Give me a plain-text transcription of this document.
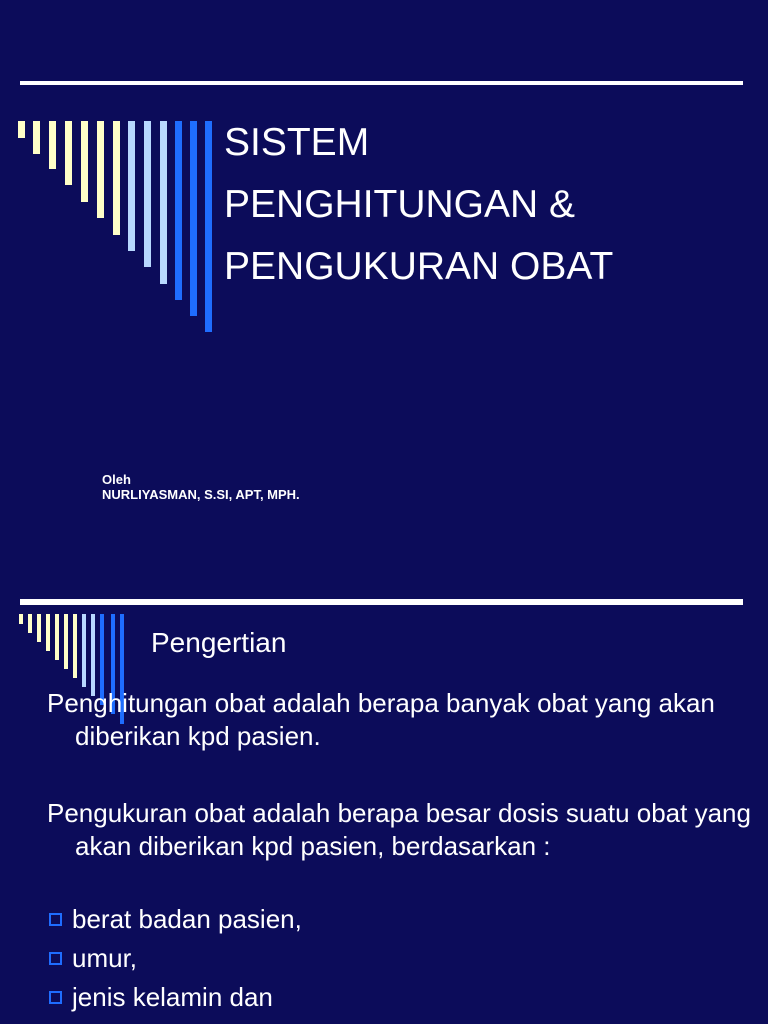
SISTEM
PENGHITUNGAN &
PENGUKURAN OBAT
Oleh
NURLIYASMAN, S.SI, APT, MPH.
Pengertian
Penghitungan obat adalah berapa banyak obat yang akan diberikan kpd pasien.
Pengukuran obat adalah berapa besar dosis suatu obat yang akan diberikan kpd pasien, berdasarkan :
berat badan pasien,
umur,
jenis kelamin dan
